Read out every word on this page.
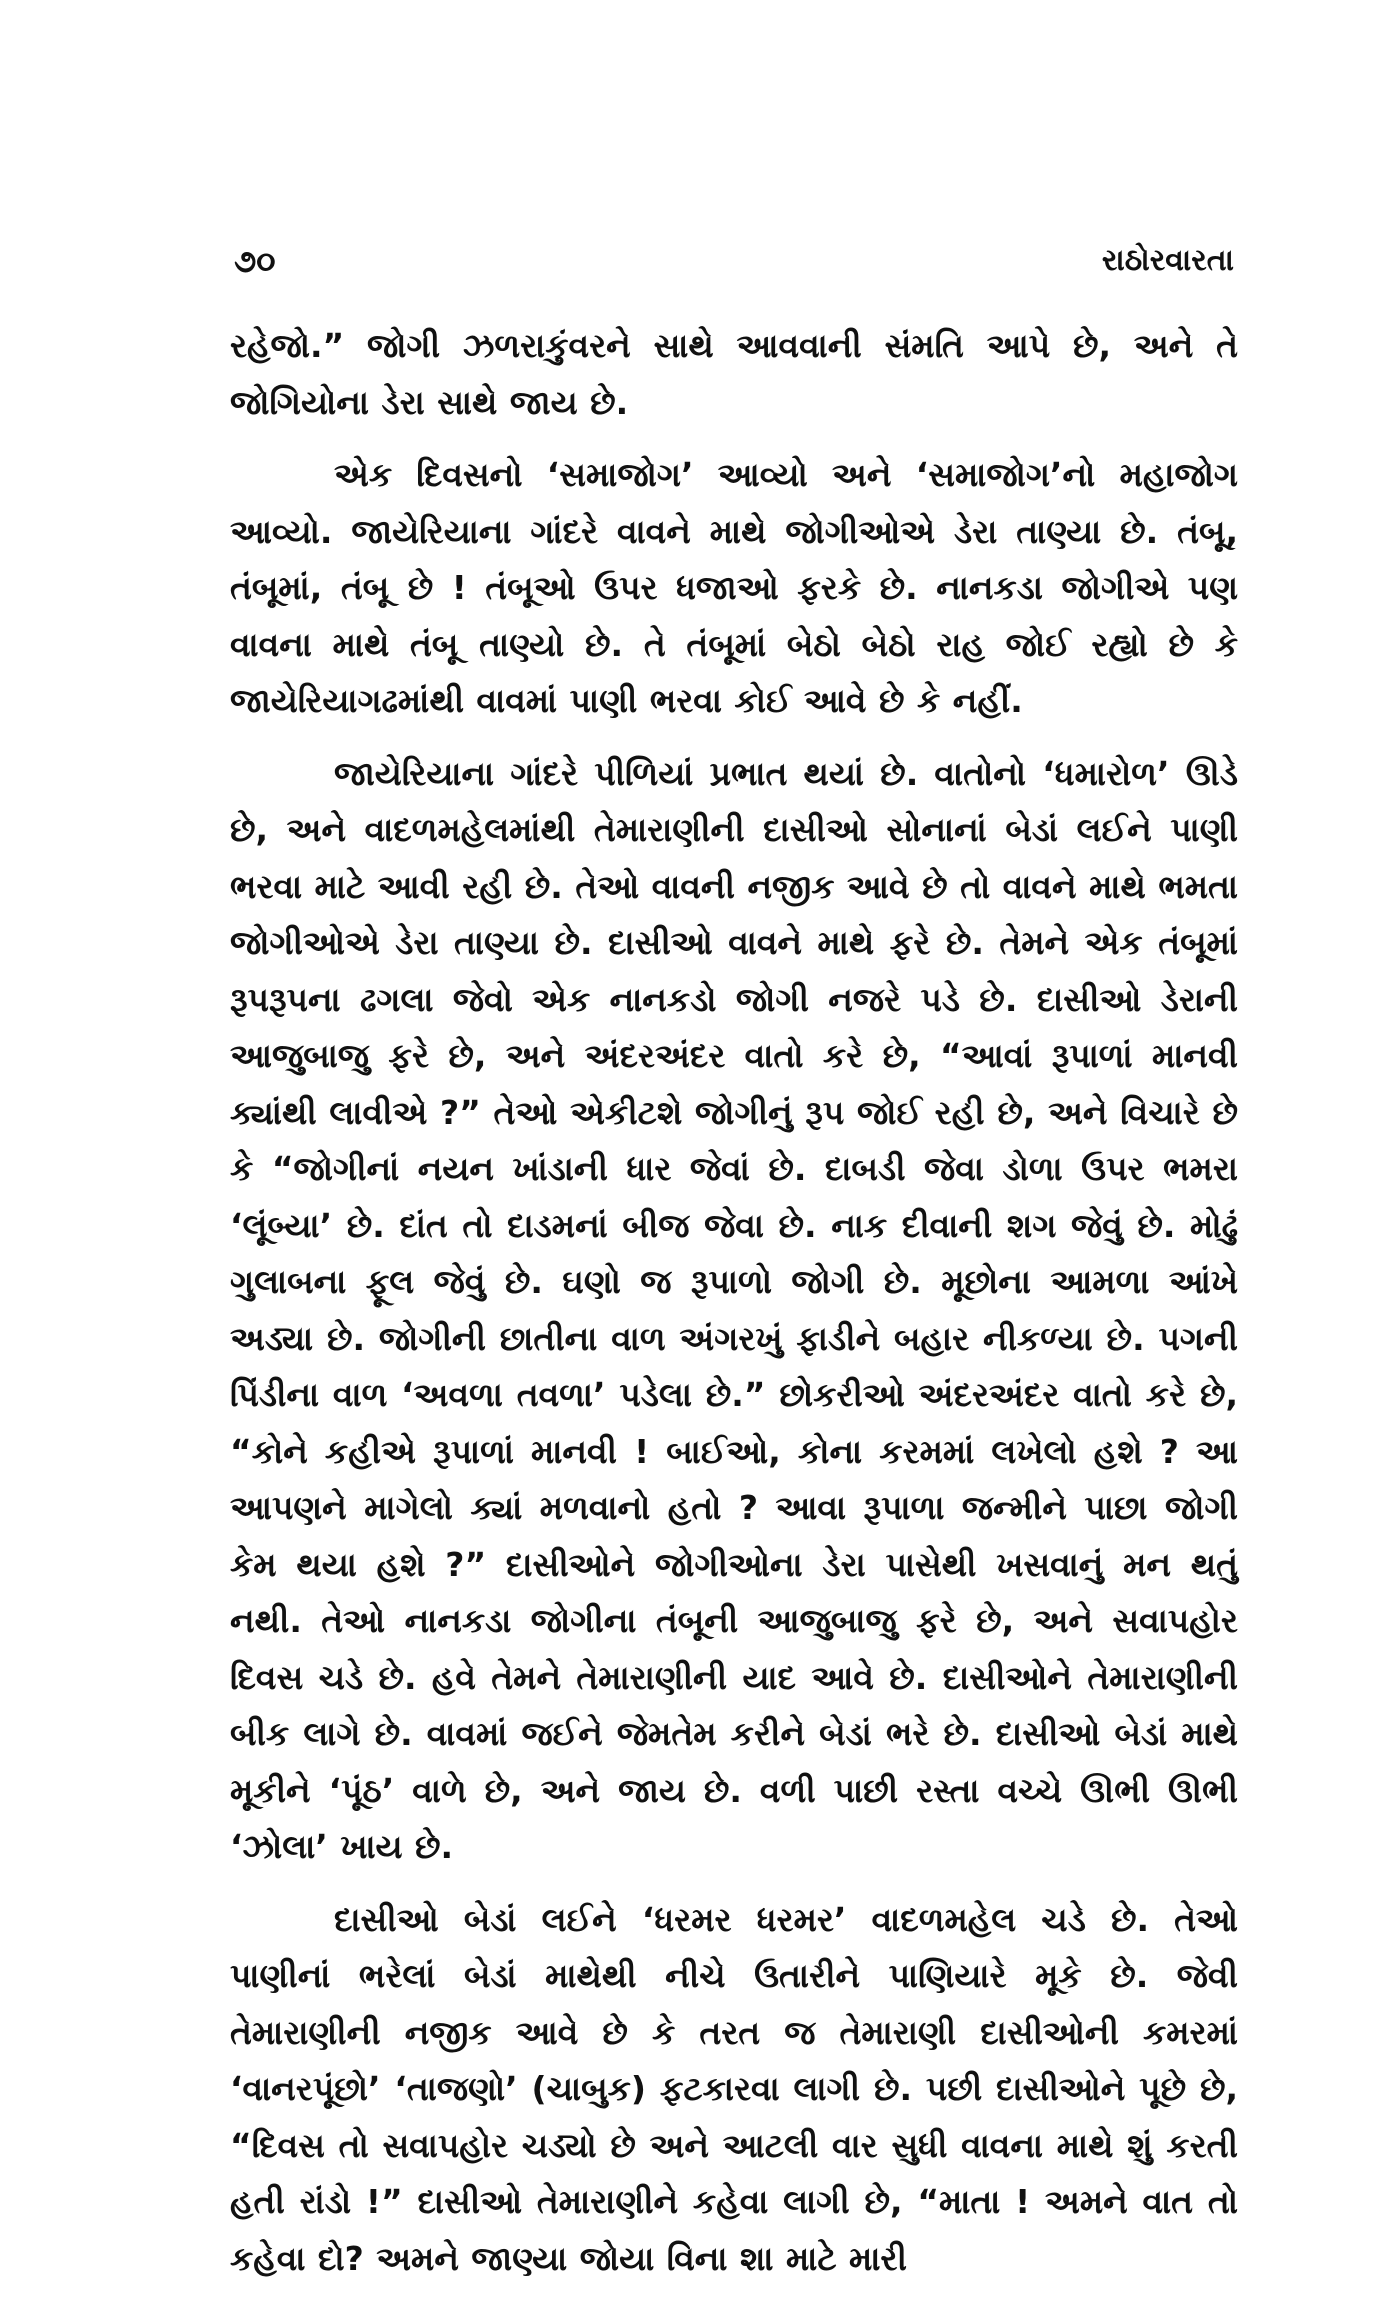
૭૦	રાઠોરવારતા

રહેજો.” જોગી ઝળરાકુંવરને સાથે આવવાની સંમતિ આપે છે, અને તે જોગિયોના ડેરા સાથે જાય છે.

એક દિવસનો ‘સમાજોગ’ આવ્યો અને ‘સમાજોગ’નો મહાજોગ આવ્યો. જાયેરિયાના ગાંદરે વાવને માથે જોગીઓએ ડેરા તાણ્યા છે. તંબૂ, તંબૂમાં, તંબૂ છે ! તંબૂઓ ઉપર ધજાઓ ફરકે છે. નાનકડા જોગીએ પણ વાવના માથે તંબૂ તાણ્યો છે. તે તંબૂમાં બેઠો બેઠો રાહ જોઈ રહ્યો છે કે જાયેરિયાગઢમાંથી વાવમાં પાણી ભરવા કોઈ આવે છે કે નહીં.

જાયેરિયાના ગાંદરે પીળિયાં પ્રભાત થયાં છે. વાતોનો ‘ધમારોળ’ ઊડે છે, અને વાદળમહેલમાંથી તેમારાણીની દાસીઓ સોનાનાં બેડાં લઈને પાણી ભરવા માટે આવી રહી છે. તેઓ વાવની નજીક આવે છે તો વાવને માથે ભમતા જોગીઓએ ડેરા તાણ્યા છે. દાસીઓ વાવને માથે ફરે છે. તેમને એક તંબૂમાં રૂપરૂપના ઢગલા જેવો એક નાનકડો જોગી નજરે પડે છે. દાસીઓ ડેરાની આજુબાજુ ફરે છે, અને અંદરઅંદર વાતો કરે છે, “આવાં રૂપાળાં માનવી ક્યાંથી લાવીએ ?” તેઓ એકીટશે જોગીનું રૂપ જોઈ રહી છે, અને વિચારે છે કે “જોગીનાં નયન ખાંડાની ધાર જેવાં છે. દાબડી જેવા ડોળા ઉપર ભમરા ‘લૂંબ્યા’ છે. દાંત તો દાડમનાં બીજ જેવા છે. નાક દીવાની શગ જેવું છે. મોઢું ગુલાબના ફૂલ જેવું છે. ઘણો જ રૂપાળો જોગી છે. મૂછોના આમળા આંખે અડ્યા છે. જોગીની છાતીના વાળ અંગરખું ફાડીને બહાર નીકળ્યા છે. પગની પિંડીના વાળ ‘અવળા તવળા’ પડેલા છે.” છોકરીઓ અંદરઅંદર વાતો કરે છે, “કોને કહીએ રૂપાળાં માનવી ! બાઈઓ, કોના કરમમાં લખેલો હશે ? આ આપણને માગેલો ક્યાં મળવાનો હતો ? આવા રૂપાળા જન્મીને પાછા જોગી કેમ થયા હશે ?” દાસીઓને જોગીઓના ડેરા પાસેથી ખસવાનું મન થતું નથી. તેઓ નાનકડા જોગીના તંબૂની આજુબાજુ ફરે છે, અને સવાપહોર દિવસ ચડે છે. હવે તેમને તેમારાણીની યાદ આવે છે. દાસીઓને તેમારાણીની બીક લાગે છે. વાવમાં જઈને જેમતેમ કરીને બેડાં ભરે છે. દાસીઓ બેડાં માથે મૂકીને ‘પૂંઠ’ વાળે છે, અને જાય છે. વળી પાછી રસ્તા વચ્ચે ઊભી ઊભી ‘ઝોલા’ ખાય છે.

દાસીઓ બેડાં લઈને ‘ધરમર ધરમર’ વાદળમહેલ ચડે છે. તેઓ પાણીનાં ભરેલાં બેડાં માથેથી નીચે ઉતારીને પાણિયારે મૂકે છે. જેવી તેમારાણીની નજીક આવે છે કે તરત જ તેમારાણી દાસીઓની કમરમાં ‘વાનરપૂંછો’ ‘તાજણો’ (ચાબુક) ફટકારવા લાગી છે. પછી દાસીઓને પૂછે છે, “દિવસ તો સવાપહોર ચડ્યો છે અને આટલી વાર સુધી વાવના માથે શું કરતી હતી રાંડો !” દાસીઓ તેમારાણીને કહેવા લાગી છે, “માતા ! અમને વાત તો કહેવા દો? અમને જાણ્યા જોયા વિના શા માટે મારી
